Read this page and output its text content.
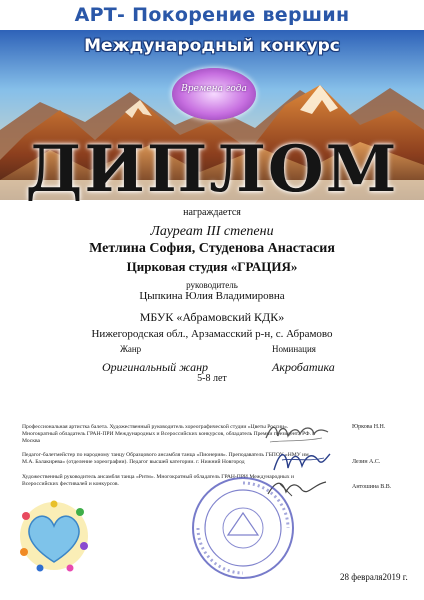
АРТ- Покорение вершин
Международный конкурс
Времена года
ДИПЛОМ
награждается
Лауреат III степени
Метлина София, Студенова Анастасия
Цирковая студия «ГРАЦИЯ»
руководитель
Цыпкина Юлия Владимировна
МБУК «Абрамовский КДК»
Нижегородская обл., Арзамасский р-н, с. Абрамово
Жанр	Номинация
Оригинальный жанр	Акробатика
5-8 лет
Профессиональная артистка балета. Художественный руководитель хореографической студии «Цветы России». Многократный обладатель ГРАН-ПРИ Международных и Всероссийских конкурсов, обладатель Премии президента РФ. г. Москва
Юркова Н.Н.
Педагог-балетмейстер по народному танцу Образцового ансамбля танца «Пионерия». Преподаватель ГБПОУ «НМУ им. М.А. Балакирева» (отделение хореографии). Педагог высшей категории. г. Нижний Новгород	Лезин А.С.
Художественный руководитель ансамбля танца «Ритм». Многократный обладатель ГРАН-ПРИ Международных и Всероссийских фестивалей и конкурсов.	Антошина В.В.
28 февраля2019 г.
